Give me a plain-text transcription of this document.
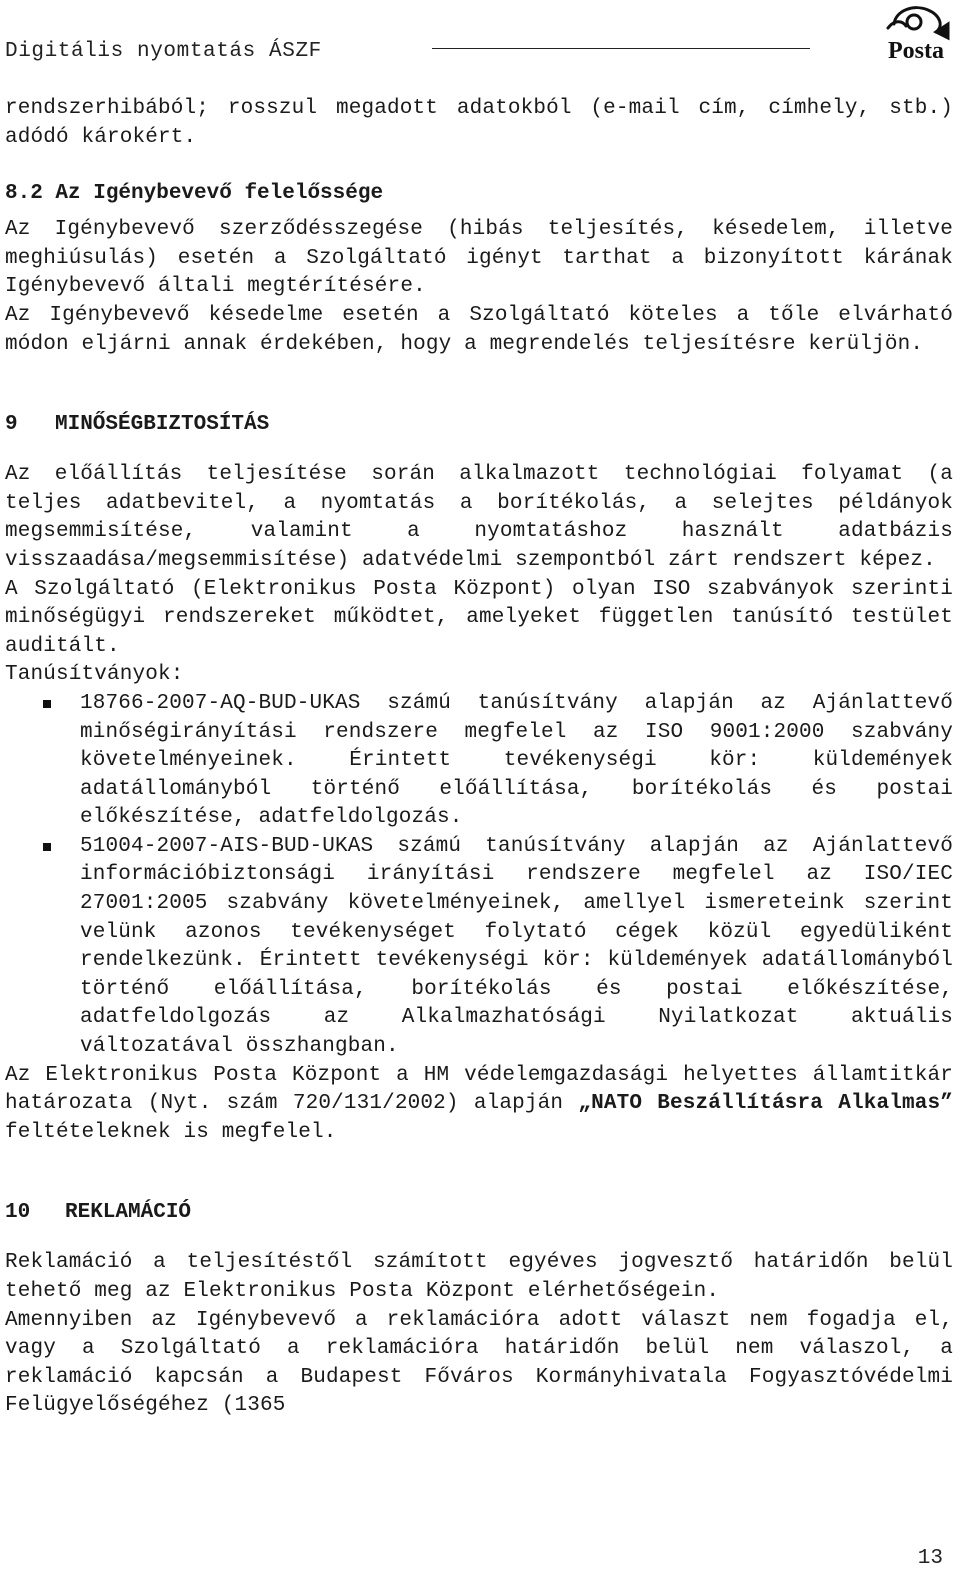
Digitális nyomtatás ÁSZF	Posta

rendszerhibából; rosszul megadott adatokból (e-mail cím, címhely, stb.) adódó károkért.

8.2 Az Igénybevevő felelőssége

Az Igénybevevő szerződésszegése (hibás teljesítés, késedelem, illetve meghiúsulás) esetén a Szolgáltató igényt tarthat a bizonyított kárának Igénybevevő általi megtérítésére.

Az Igénybevevő késedelme esetén a Szolgáltató köteles a tőle elvárható módon eljárni annak érdekében, hogy a megrendelés teljesítésre kerüljön.

9 MINŐSÉGBIZTOSÍTÁS

Az előállítás teljesítése során alkalmazott technológiai folyamat (a teljes adatbevitel, a nyomtatás a borítékolás, a selejtes példányok megsemmisítése, valamint a nyomtatáshoz használt adatbázis visszaadása/megsemmisítése) adatvédelmi szempontból zárt rendszert képez.

A Szolgáltató (Elektronikus Posta Központ) olyan ISO szabványok szerinti minőségügyi rendszereket működtet, amelyeket független tanúsító testület auditált.

Tanúsítványok:

18766-2007-AQ-BUD-UKAS számú tanúsítvány alapján az Ajánlattevő minőségirányítási rendszere megfelel az ISO 9001:2000 szabvány követelményeinek. Érintett tevékenységi kör: küldemények adatállományból történő előállítása, borítékolás és postai előkészítése, adatfeldolgozás.
51004-2007-AIS-BUD-UKAS számú tanúsítvány alapján az Ajánlattevő információbiztonsági irányítási rendszere megfelel az ISO/IEC 27001:2005 szabvány követelményeinek, amellyel ismereteink szerint velünk azonos tevékenységet folytató cégek közül egyedüliként rendelkezünk. Érintett tevékenységi kör: küldemények adatállományból történő előállítása, borítékolás és postai előkészítése, adatfeldolgozás az Alkalmazhatósági Nyilatkozat aktuális változatával összhangban.

Az Elektronikus Posta Központ a HM védelemgazdasági helyettes államtitkár határozata (Nyt. szám 720/131/2002) alapján „NATO Beszállításra Alkalmas” feltételeknek is megfelel.

10 REKLAMÁCIÓ

Reklamáció a teljesítéstől számított egyéves jogvesztő határidőn belül tehető meg az Elektronikus Posta Központ elérhetőségein.

Amennyiben az Igénybevevő a reklamációra adott választ nem fogadja el, vagy a Szolgáltató a reklamációra határidőn belül nem válaszol, a reklamáció kapcsán a Budapest Főváros Kormányhivatala Fogyasztóvédelmi Felügyelőségéhez (1365

13
